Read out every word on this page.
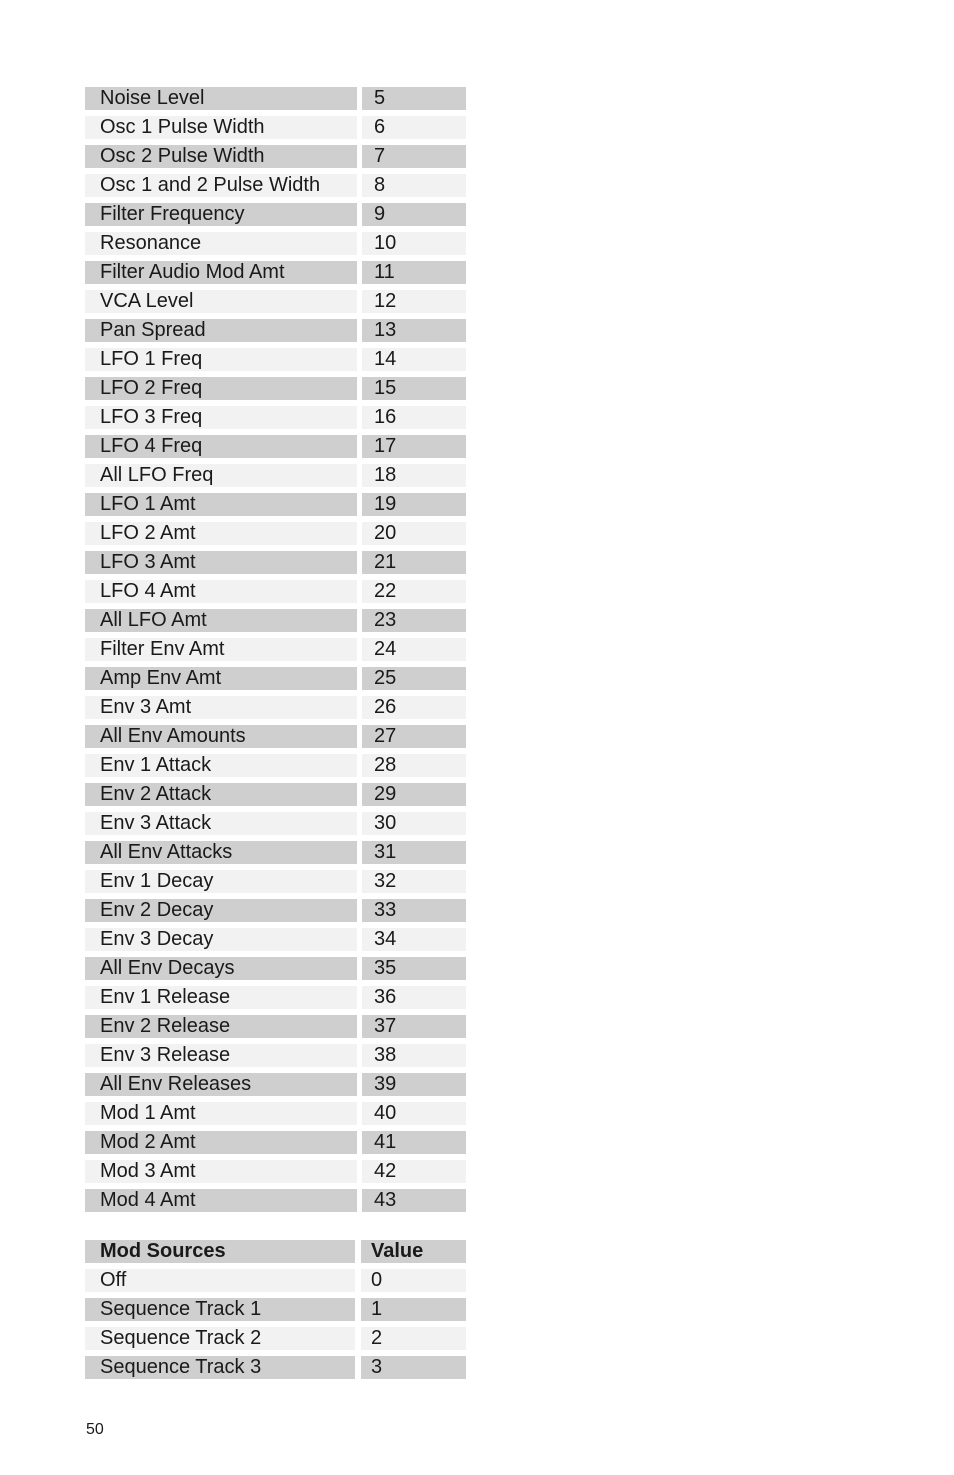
Noise Level	5
Osc 1 Pulse Width	6
Osc 2 Pulse Width	7
Osc 1 and 2 Pulse Width	8
Filter Frequency	9
Resonance	10
Filter Audio Mod Amt	11
VCA Level	12
Pan Spread	13
LFO 1 Freq	14
LFO 2 Freq	15
LFO 3 Freq	16
LFO 4 Freq	17
All LFO Freq	18
LFO 1 Amt	19
LFO 2 Amt	20
LFO 3 Amt	21
LFO 4 Amt	22
All LFO Amt	23
Filter Env Amt	24
Amp Env Amt	25
Env 3 Amt	26
All Env Amounts	27
Env 1 Attack	28
Env 2 Attack	29
Env 3 Attack	30
All Env Attacks	31
Env 1 Decay	32
Env 2 Decay	33
Env 3 Decay	34
All Env Decays	35
Env 1 Release	36
Env 2 Release	37
Env 3 Release	38
All Env Releases	39
Mod 1 Amt	40
Mod 2 Amt	41
Mod 3 Amt	42
Mod 4 Amt	43
Mod Sources	Value
Off	0
Sequence Track 1	1
Sequence Track 2	2
Sequence Track 3	3
50
